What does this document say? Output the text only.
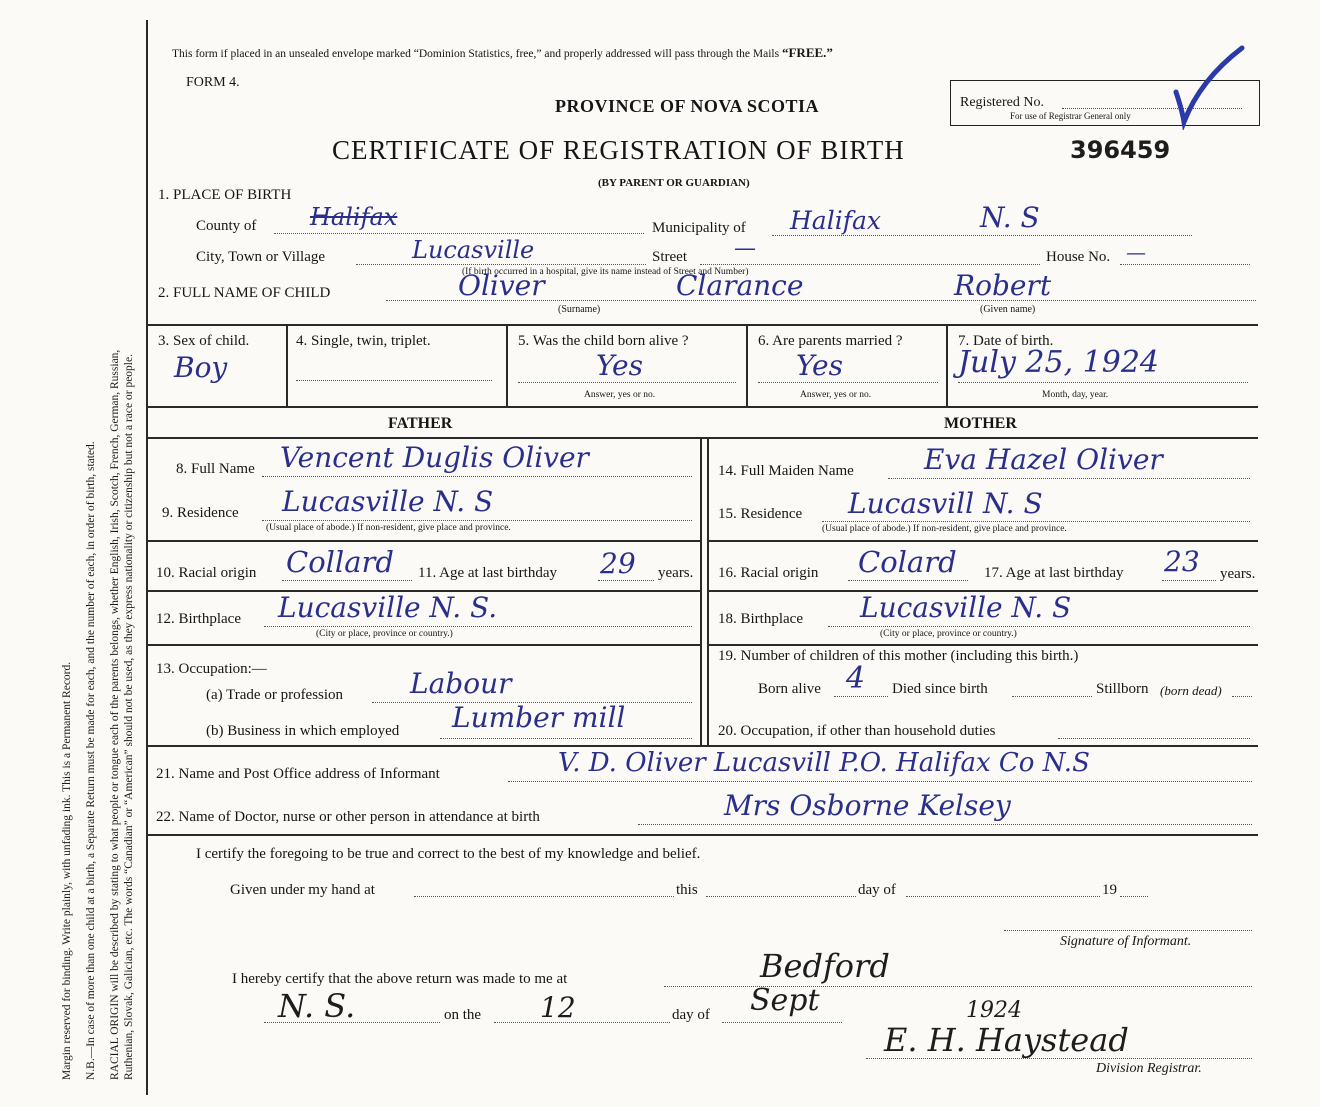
Margin reserved for binding. Write plainly, with unfading ink. This is a Permanent Record. N.B.—In case of more than one child at a birth, a Separate Return must be made for each, and the number of each, in order of birth, stated. RACIAL ORIGIN will be described by stating to what people or tongue each of the parents belongs, whether English, Irish, Scotch, French, German, Russian, Ruthenian, Slovak, Galician, etc. The words “Canadian” or “American” should not be used, as they express nationality or citizenship but not a race or people.
This form if placed in an unsealed envelope marked “Dominion Statistics, free,” and properly addressed will pass through the Mails “FREE.”
FORM 4.
PROVINCE OF NOVA SCOTIA	Registered No.
For use of Registrar General only
CERTIFICATE OF REGISTRATION OF BIRTH	396459
(BY PARENT OR GUARDIAN)
1. PLACE OF BIRTH
County of Halifax	Municipality of Halifax	N. S
City, Town or Village	Lucasville	Street —	House No. —
(If birth occurred in a hospital, give its name instead of Street and Number)
2. FULL NAME OF CHILD	Oliver	Clarance	Robert
(Surname)	(Given name)
3. Sex of child.
Boy
4. Single, twin, triplet.	5. Was the child born alive ?
Yes
Answer, yes or no.
6. Are parents married ?
Yes
Answer, yes or no.
7. Date of birth.
July 25, 1924
Month, day, year.
FATHER	MOTHER
8. Full Name Vencent Duglis Oliver
9. Residence Lucasville N. S
(Usual place of abode.) If non-resident, give place and province.
10. Racial origin Collard 11. Age at last birthday 29 years.
12. Birthplace Lucasville N. S.
(City or place, province or country.)
13. Occupation:—
(a) Trade or profession Labour
(b) Business in which employed Lumber mill
14. Full Maiden Name	Eva Hazel Oliver
15. Residence Lucasvill N. S
(Usual place of abode.) If non-resident, give place and province.
16. Racial origin Colard 17. Age at last birthday 23 years.
18. Birthplace Lucasville N. S
(City or place, province or country.)
19. Number of children of this mother (including this birth.)
Born alive 4 Died since birth	Stillborn (born dead)
20. Occupation, if other than household duties
21. Name and Post Office address of Informant	V. D. Oliver Lucasvill P.O. Halifax Co N.S
22. Name of Doctor, nurse or other person in attendance at birth	Mrs Osborne Kelsey
I certify the foregoing to be true and correct to the best of my knowledge and belief.
Given under my hand at	this	day of	19
Signature of Informant.
I hereby certify that the above return was made to me at	Bedford
N. S.	on the 12	day of Sept	1924
E. H. Haystead
Division Registrar.
